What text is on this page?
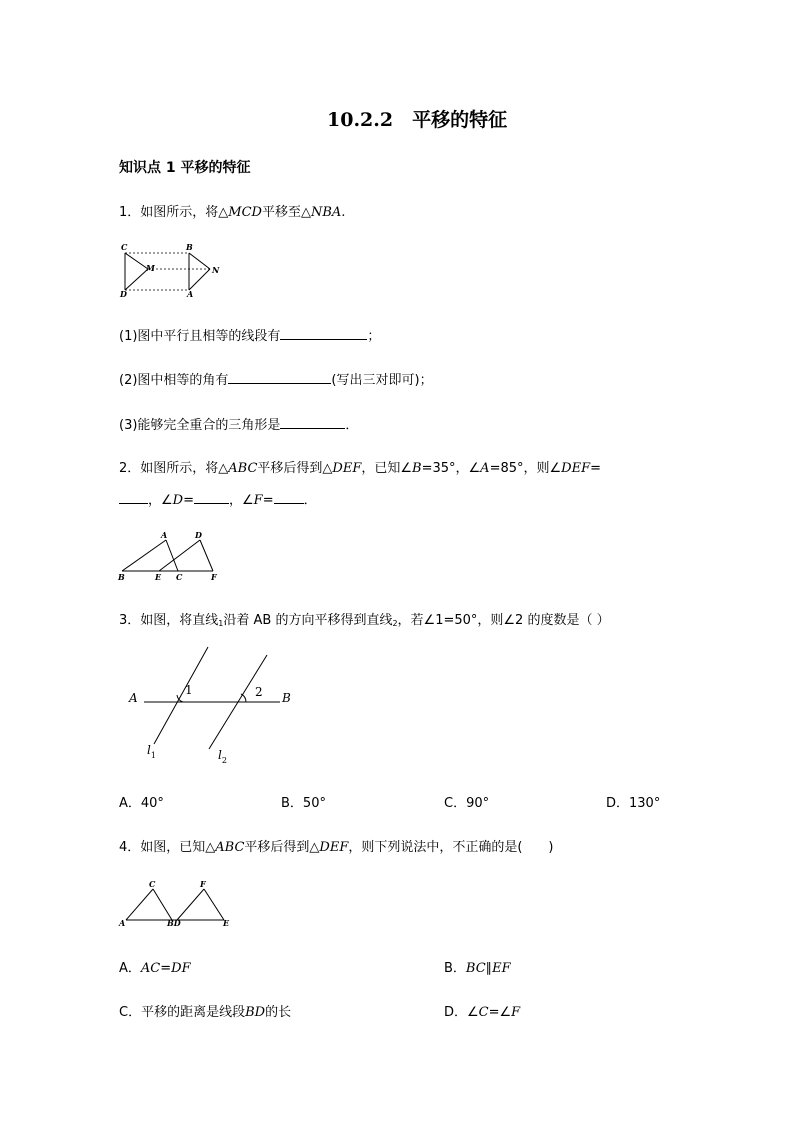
10.2.2　平移的特征
知识点 1 平移的特征
1．如图所示，将△MCD平移至△NBA.
C	B
M	N
D	A
(1)图中平行且相等的线段有	；
(2)图中相等的角有	(写出三对即可)；
(3)能够完全重合的三角形是	．
2．如图所示，将△ABC平移后得到△DEF，已知∠B=35°，∠A=85°，则∠DEF=
，∠D=	，∠F= ．
A	D
B	E C	F
3．如图，将直线$_1$沿着 AB 的方向平移得到直线$_2$，若∠1=50°，则∠2 的度数是（ ）
A	B
1	2
$l_1$	$l_2$
A．40°	B．50°	C．90°	D．130°
4．如图，已知△ABC平移后得到△DEF，则下列说法中，不正确的是(　　)
C	F
A	BD	E
A．AC=DF	B．BC∥EF
C．平移的距离是线段BD的长	D．∠C=∠F
